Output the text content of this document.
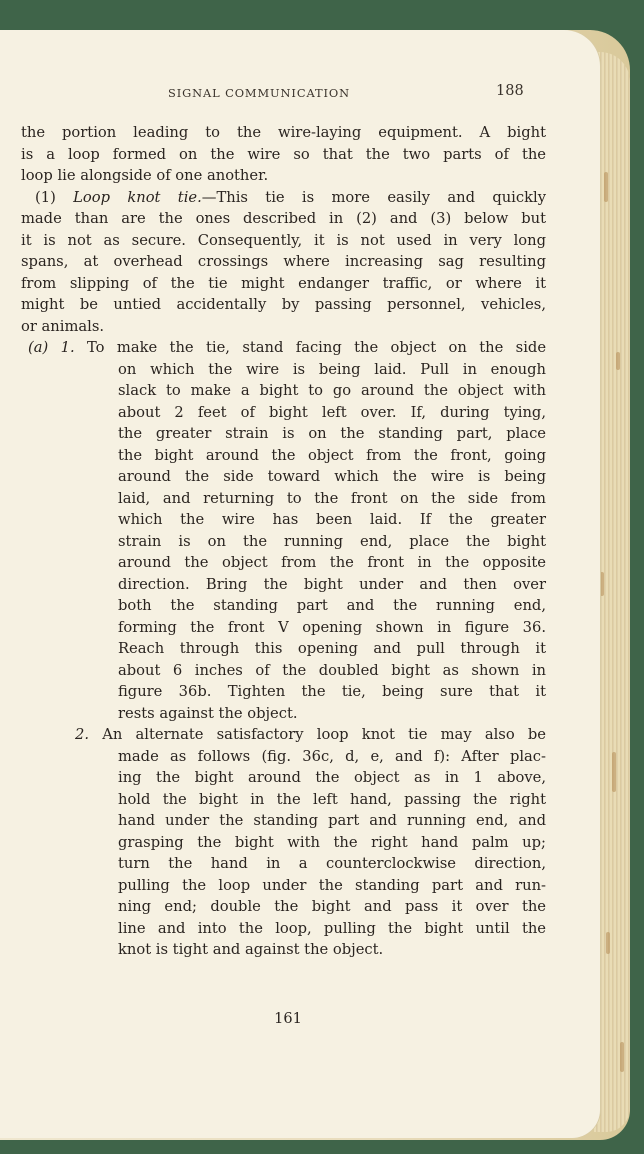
SIGNAL COMMUNICATION	188
the portion leading to the wire-laying equipment. A bight
is a loop formed on the wire so that the two parts of the
loop lie alongside of one another.
(1) Loop knot tie.—This tie is more easily and quickly
made than are the ones described in (2) and (3) below but
it is not as secure. Consequently, it is not used in very long
spans, at overhead crossings where increasing sag resulting
from slipping of the tie might endanger traffic, or where it
might be untied accidentally by passing personnel, vehicles,
or animals.
(a) 1. To make the tie, stand facing the object on the side
on which the wire is being laid. Pull in enough
slack to make a bight to go around the object with
about 2 feet of bight left over. If, during tying,
the greater strain is on the standing part, place
the bight around the object from the front, going
around the side toward which the wire is being
laid, and returning to the front on the side from
which the wire has been laid. If the greater
strain is on the running end, place the bight
around the object from the front in the opposite
direction. Bring the bight under and then over
both the standing part and the running end,
forming the front V opening shown in figure 36.
Reach through this opening and pull through it
about 6 inches of the doubled bight as shown in
figure 36b. Tighten the tie, being sure that it
rests against the object.
2. An alternate satisfactory loop knot tie may also be
made as follows (fig. 36c, d, e, and f): After plac-
ing the bight around the object as in 1 above,
hold the bight in the left hand, passing the right
hand under the standing part and running end, and
grasping the bight with the right hand palm up;
turn the hand in a counterclockwise direction,
pulling the loop under the standing part and run-
ning end; double the bight and pass it over the
line and into the loop, pulling the bight until the
knot is tight and against the object.
161
